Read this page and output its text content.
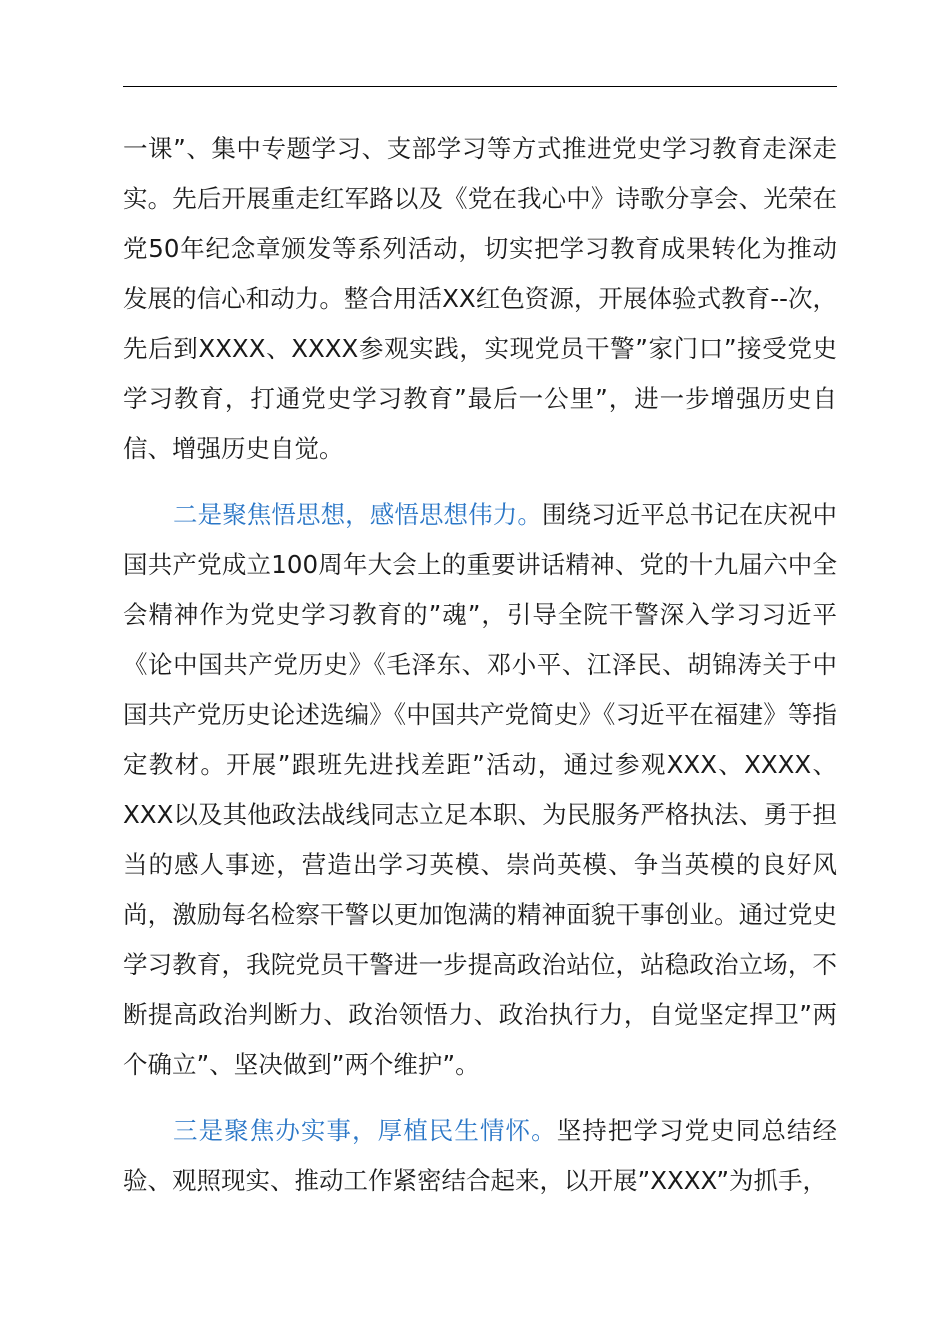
一课”、集中专题学习、支部学习等方式推进党史学习教育走深走实。先后开展重走红军路以及《党在我心中》诗歌分享会、光荣在党50年纪念章颁发等系列活动，切实把学习教育成果转化为推动发展的信心和动力。整合用活XX红色资源，开展体验式教育--次，先后到XXXX、XXXX参观实践，实现党员干警”家门口”接受党史学习教育，打通党史学习教育”最后一公里”，进一步增强历史自信、增强历史自觉。

二是聚焦悟思想，感悟思想伟力。围绕习近平总书记在庆祝中国共产党成立100周年大会上的重要讲话精神、党的十九届六中全会精神作为党史学习教育的”魂”，引导全院干警深入学习习近平《论中国共产党历史》《毛泽东、邓小平、江泽民、胡锦涛关于中国共产党历史论述选编》《中国共产党简史》《习近平在福建》等指定教材。开展”跟班先进找差距”活动，通过参观XXX、XXXX、XXX以及其他政法战线同志立足本职、为民服务严格执法、勇于担当的感人事迹，营造出学习英模、崇尚英模、争当英模的良好风尚，激励每名检察干警以更加饱满的精神面貌干事创业。通过党史学习教育，我院党员干警进一步提高政治站位，站稳政治立场，不断提高政治判断力、政治领悟力、政治执行力，自觉坚定捍卫”两个确立”、坚决做到”两个维护”。

三是聚焦办实事，厚植民生情怀。坚持把学习党史同总结经验、观照现实、推动工作紧密结合起来，以开展”XXXX”为抓手，
